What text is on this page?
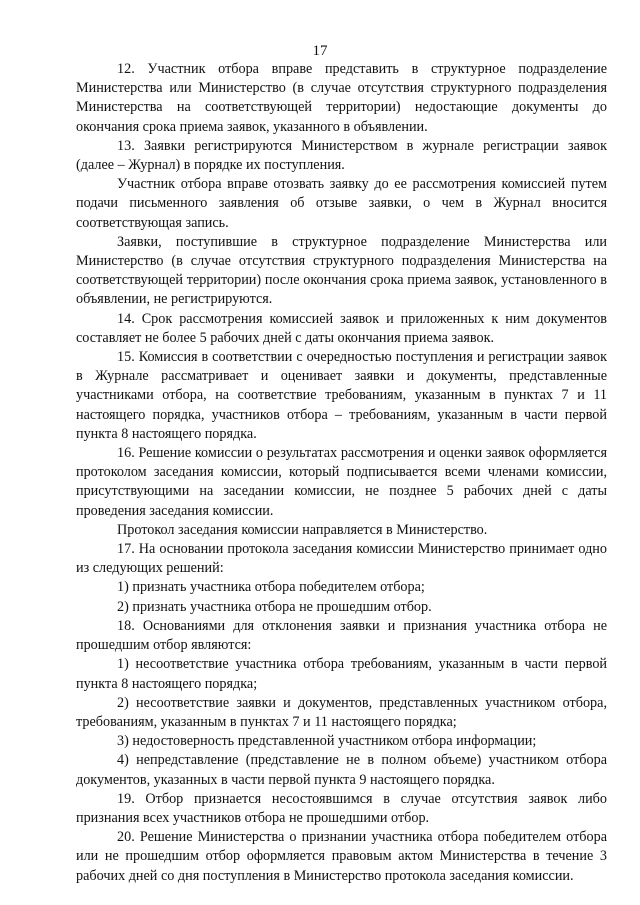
17

12. Участник отбора вправе представить в структурное подразделение Министерства или Министерство (в случае отсутствия структурного подразделения Министерства на соответствующей территории) недостающие документы до окончания срока приема заявок, указанного в объявлении.

13. Заявки регистрируются Министерством в журнале регистрации заявок (далее – Журнал) в порядке их поступления.

Участник отбора вправе отозвать заявку до ее рассмотрения комиссией путем подачи письменного заявления об отзыве заявки, о чем в Журнал вносится соответствующая запись.

Заявки, поступившие в структурное подразделение Министерства или Министерство (в случае отсутствия структурного подразделения Министерства на соответствующей территории) после окончания срока приема заявок, установленного в объявлении, не регистрируются.

14. Срок рассмотрения комиссией заявок и приложенных к ним документов составляет не более 5 рабочих дней с даты окончания приема заявок.

15. Комиссия в соответствии с очередностью поступления и регистрации заявок в Журнале рассматривает и оценивает заявки и документы, представленные участниками отбора, на соответствие требованиям, указанным в пунктах 7 и 11 настоящего порядка, участников отбора – требованиям, указанным в части первой пункта 8 настоящего порядка.

16. Решение комиссии о результатах рассмотрения и оценки заявок оформляется протоколом заседания комиссии, который подписывается всеми членами комиссии, присутствующими на заседании комиссии, не позднее 5 рабочих дней с даты проведения заседания комиссии.

Протокол заседания комиссии направляется в Министерство.

17. На основании протокола заседания комиссии Министерство принимает одно из следующих решений:

1) признать участника отбора победителем отбора;

2) признать участника отбора не прошедшим отбор.

18. Основаниями для отклонения заявки и признания участника отбора не прошедшим отбор являются:

1) несоответствие участника отбора требованиям, указанным в части первой пункта 8 настоящего порядка;

2) несоответствие заявки и документов, представленных участником отбора, требованиям, указанным в пунктах 7 и 11 настоящего порядка;

3) недостоверность представленной участником отбора информации;

4) непредставление (представление не в полном объеме) участником отбора документов, указанных в части первой пункта 9 настоящего порядка.

19. Отбор признается несостоявшимся в случае отсутствия заявок либо признания всех участников отбора не прошедшими отбор.

20. Решение Министерства о признании участника отбора победителем отбора или не прошедшим отбор оформляется правовым актом Министерства в течение 3 рабочих дней со дня поступления в Министерство протокола заседания комиссии.
